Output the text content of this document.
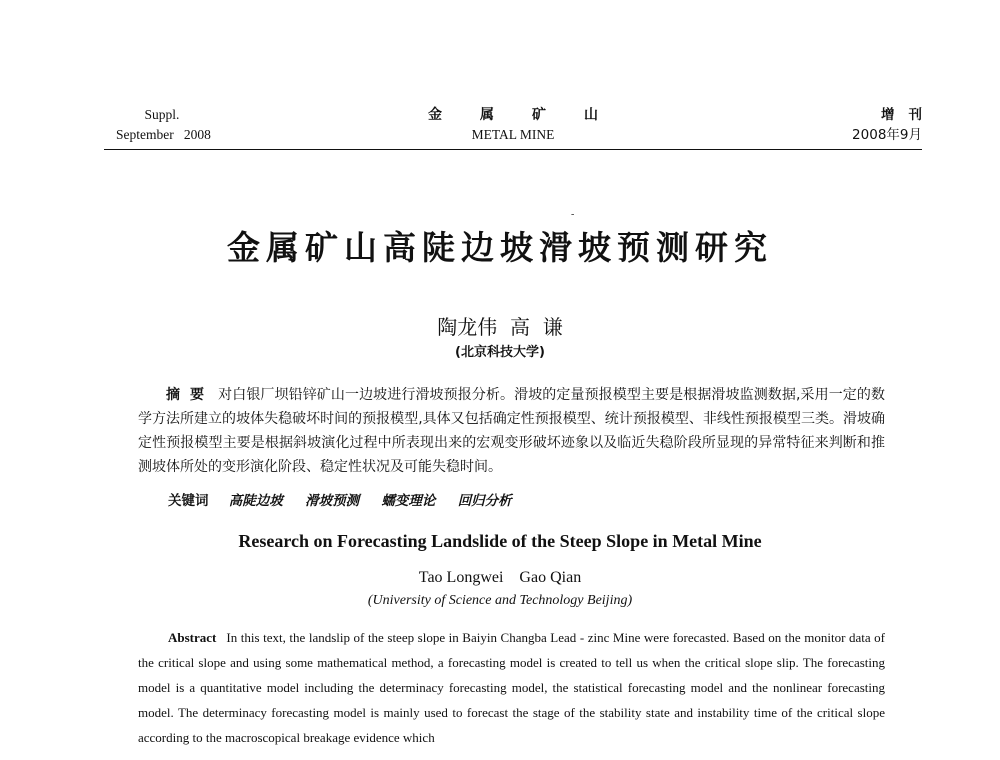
Suppl.
September   2008
金属矿山
METAL MINE
增刊
2008年9月
-
金属矿山高陡边坡滑坡预测研究
陶龙伟  高  谦
(北京科技大学)
摘  要 对白银厂坝铅锌矿山一边坡进行滑坡预报分析。滑坡的定量预报模型主要是根据滑坡监测数据,采用一定的数学方法所建立的坡体失稳破坏时间的预报模型,具体又包括确定性预报模型、统计预报模型、非线性预报模型三类。滑坡确定性预报模型主要是根据斜坡演化过程中所表现出来的宏观变形破坏迹象以及临近失稳阶段所显现的异常特征来判断和推测坡体所处的变形演化阶段、稳定性状况及可能失稳时间。
关键词 高陡边坡 滑坡预测 蠕变理论 回归分析
Research on Forecasting Landslide of the Steep Slope in Metal Mine
Tao Longwei    Gao Qian
(University of Science and Technology Beijing)
Abstract In this text, the landslip of the steep slope in Baiyin Changba Lead - zinc Mine were forecasted. Based on the monitor data of the critical slope and using some mathematical method, a forecasting model is created to tell us when the critical slope slip. The forecasting model is a quantitative model including the determinacy forecasting model, the statistical forecasting model and the nonlinear forecasting model. The determinacy forecasting model is mainly used to forecast the stage of the stability state and instability time of the critical slope according to the macroscopical breakage evidence which
